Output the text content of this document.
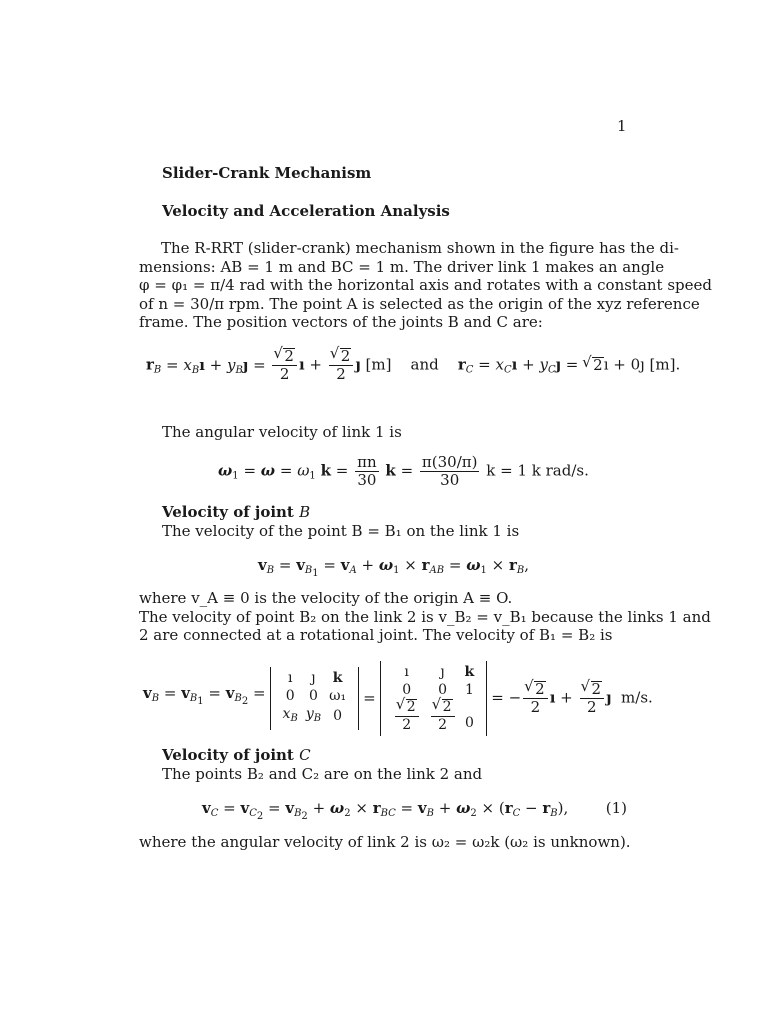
1
Slider-Crank Mechanism
Velocity and Acceleration Analysis
The R-RRT (slider-crank) mechanism shown in the figure has the di-
mensions: AB = 1 m and BC = 1 m. The driver link 1 makes an angle
φ = φ₁ = π/4 rad with the horizontal axis and rotates with a constant speed
of n = 30/π rpm. The point A is selected as the origin of the xyz reference
frame. The position vectors of the joints B and C are:
$r_B$ = $x_Bı$ + $y_Bȷ$ = √ $\frac{2}{2}$ ı + √ $\frac{2}{2}$ ȷ [m] and $r_C$ = $x_Cı$ + $y_Cȷ$ = √ 2ı + 0ȷ [m].
The angular velocity of link 1 is
$\omega_1 = \omega = \omega_1$ $k = \frac{\pi n}{30}$ $k = \frac{\pi(30/\pi)}{30}$ k = 1 k rad/s.
Velocity of joint B
The velocity of the point B = B₁ on the link 1 is
$v_B = v_{B_1} = v_A + \omega_1 \times r_{AB} = \omega_1 \times r_B$,
where v_A ≡ 0 is the velocity of the origin A ≡ O.
The velocity of point B₂ on the link 2 is v_B₂ = v_B₁ because the links 1 and
2 are connected at a rotational joint. The velocity of B₁ = B₂ is
$v_B = v_{B_1} = v_{B_2}$ =
ı	ȷ	k
0	0	ω₁
$x_B$	$y_B$	0
=
ı	ȷ	k
0	0	1

√ $\frac{2}{2}$	√ $\frac{2}{2}$	0
= − √ $\frac{2}{2}$ ı + √ $\frac{2}{2}$ ȷ m/s.
Velocity of joint C
The points B₂ and C₂ are on the link 2 and
$v_C = v_{C_2} = v_{B_2} + \omega_2 \times r_{BC} = v_B + \omega_2 \times (r_C - r_B)$, (1)
where the angular velocity of link 2 is ω₂ = ω₂k (ω₂ is unknown).
